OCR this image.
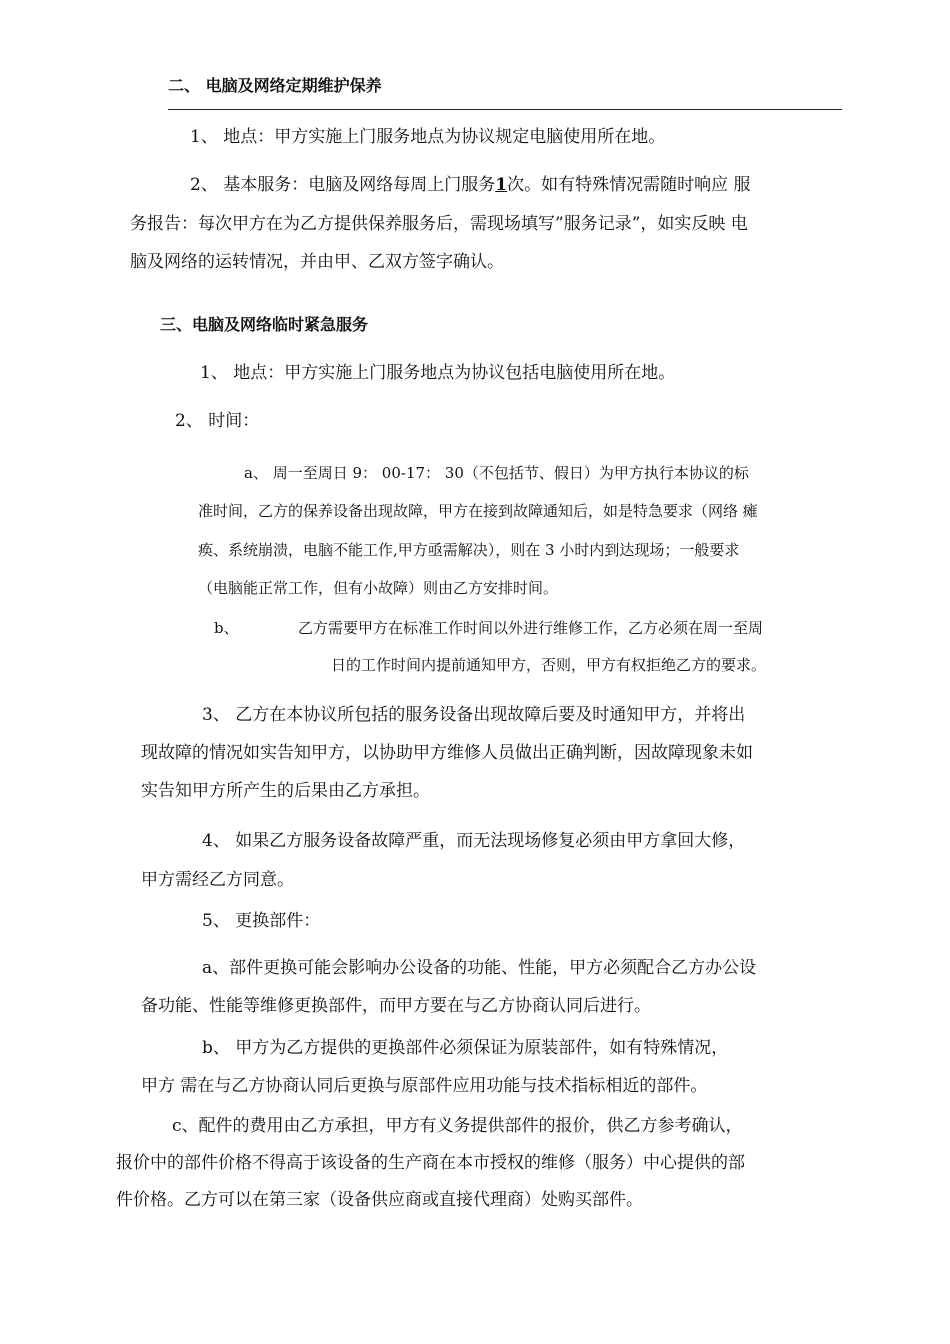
二、 电脑及网络定期维护保养
1、 地点：甲方实施上门服务地点为协议规定电脑使用所在地。
2、 基本服务：电脑及网络每周上门服务1次。如有特殊情况需随时响应 服
务报告：每次甲方在为乙方提供保养服务后，需现场填写”服务记录”，如实反映 电
脑及网络的运转情况，并由甲、乙双方签字确认。
三、电脑及网络临时紧急服务
1、 地点：甲方实施上门服务地点为协议包括电脑使用所在地。
2、 时间：
a、 周一至周日 9： 00-17： 30（不包括节、假日）为甲方执行本协议的标
准时间，乙方的保养设备出现故障，甲方在接到故障通知后，如是特急要求（网络 瘫
痪、系统崩溃，电脑不能工作,甲方亟需解决），则在 3 小时内到达现场；一般要求
（电脑能正常工作，但有小故障）则由乙方安排时间。
b、	乙方需要甲方在标准工作时间以外进行维修工作，乙方必须在周一至周
日的工作时间内提前通知甲方，否则，甲方有权拒绝乙方的要求。
3、 乙方在本协议所包括的服务设备出现故障后要及时通知甲方，并将出
现故障的情况如实告知甲方，以协助甲方维修人员做出正确判断，因故障现象未如
实告知甲方所产生的后果由乙方承担。
4、 如果乙方服务设备故障严重，而无法现场修复必须由甲方拿回大修，
甲方需经乙方同意。
5、 更换部件：
a、部件更换可能会影响办公设备的功能、性能，甲方必须配合乙方办公设
备功能、性能等维修更换部件，而甲方要在与乙方协商认同后进行。
b、 甲方为乙方提供的更换部件必须保证为原装部件，如有特殊情况，
甲方 需在与乙方协商认同后更换与原部件应用功能与技术指标相近的部件。
c、配件的费用由乙方承担，甲方有义务提供部件的报价，供乙方参考确认，
报价中的部件价格不得高于该设备的生产商在本市授权的维修（服务）中心提供的部
件价格。乙方可以在第三家（设备供应商或直接代理商）处购买部件。
